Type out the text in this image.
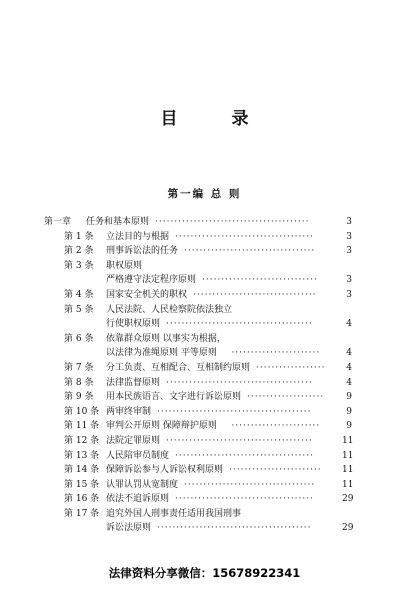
目 录
第一编 总 则
第一章 任务和基本原则 ········································	3
第 1 条 立法目的与根据 ····································	3
第 2 条 刑事诉讼法的任务 ··································	3
第 3 条 职权原则
严格遵守法定程序原则 ······························	3
第 4 条 国家安全机关的职权 ································	3
第 5 条 人民法院、人民检察院依法独立
行使职权原则 ······································	4
第 6 条 依靠群众原则 以事实为根据，
以法律为准绳原则 平等原则 ·······················	4
第 7 条 分工负责、互相配合、互相制约原则 ··················	4
第 8 条 法律监督原则 ······································	4
第 9 条 用本民族语言、文字进行诉讼原则 ····················	9
第 10 条 两审终审制 ········································	9
第 11 条 审判公开原则 保障辩护原则 ·······················	9
第 12 条 法院定罪原则 ······································	11
第 13 条 人民陪审员制度 ····································	11
第 14 条 保障诉讼参与人诉讼权利原则 ························	11
第 15 条 认罪认罚从宽制度 ··································	11
第 16 条 依法不追诉原则 ····································	29
第 17 条 追究外国人刑事责任适用我国刑事
诉讼法原则 ········································	29
法律资料分享微信：15678922341
